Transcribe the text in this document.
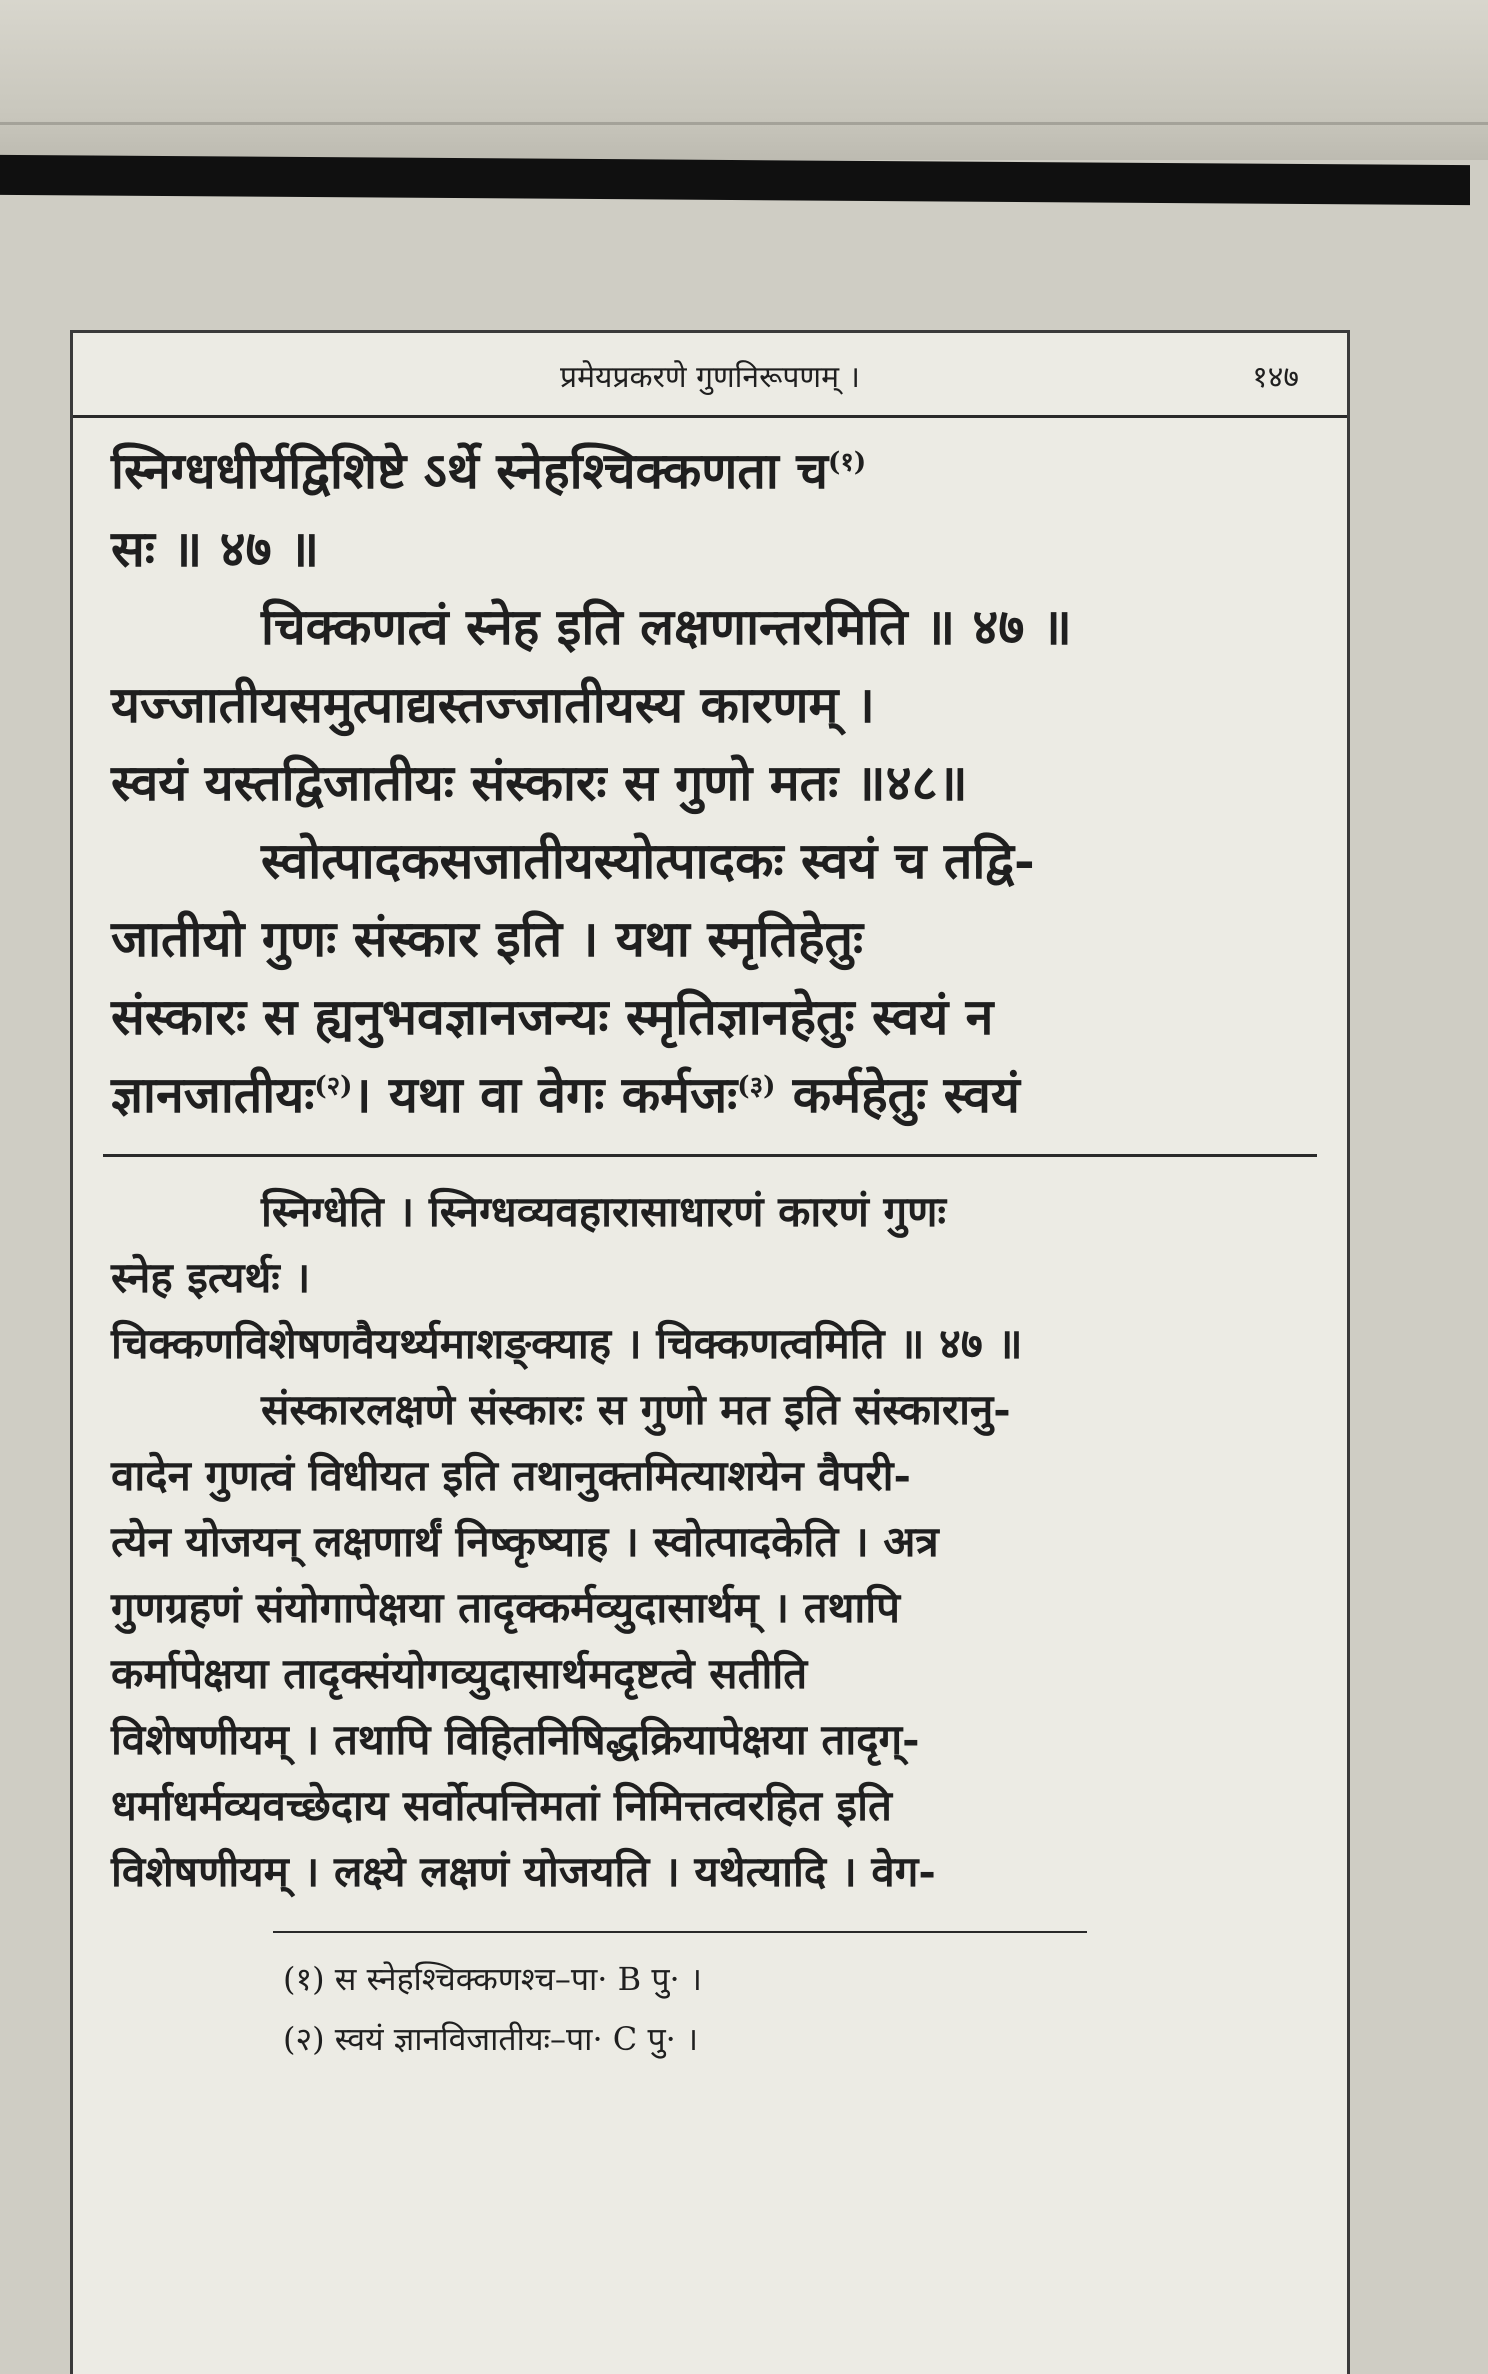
प्रमेयप्रकरणे गुणनिरूपणम् ।	१४७

स्निग्धधीर्यद्विशिष्टे ऽर्थे स्नेहश्चिक्कणता च$^{(१)}$

सः ॥ ४७ ॥

चिक्कणत्वं स्नेह इति लक्षणान्तरमिति ॥ ४७ ॥

यज्जातीयसमुत्पाद्यस्तज्जातीयस्य कारणम् ।

स्वयं यस्तद्विजातीयः संस्कारः स गुणो मतः ॥४८॥

स्वोत्पादकसजातीयस्योत्पादकः स्वयं च तद्वि-

जातीयो गुणः संस्कार इति । यथा स्मृतिहेतुः

संस्कारः स ह्यनुभवज्ञानजन्यः स्मृतिज्ञानहेतुः स्वयं न

ज्ञानजातीयः$^{(२)}$। यथा वा वेगः कर्मजः$^{(३)}$ कर्महेतुः स्वयं

स्निग्धेति । स्निग्धव्यवहारासाधारणं कारणं गुणः

स्नेह इत्यर्थः ।

चिक्कणविशेषणवैयर्थ्यमाशङ्क्याह । चिक्कणत्वमिति ॥ ४७ ॥

संस्कारलक्षणे संस्कारः स गुणो मत इति संस्कारानु-

वादेन गुणत्वं विधीयत इति तथानुक्तमित्याशयेन वैपरी-

त्येन योजयन् लक्षणार्थं निष्कृष्याह । स्वोत्पादकेति । अत्र

गुणग्रहणं संयोगापेक्षया तादृक्कर्मव्युदासार्थम् । तथापि

कर्मापेक्षया तादृक्संयोगव्युदासार्थमदृष्टत्वे सतीति

विशेषणीयम् । तथापि विहितनिषिद्धक्रियापेक्षया तादृग्-

धर्माधर्मव्यवच्छेदाय सर्वोत्पत्तिमतां निमित्तत्वरहित इति

विशेषणीयम् । लक्ष्ये लक्षणं योजयति । यथेत्यादि । वेग-

(१) स स्नेहश्चिक्कणश्च–पा· B पु· ।

(२) स्वयं ज्ञानविजातीयः–पा· C पु· ।
